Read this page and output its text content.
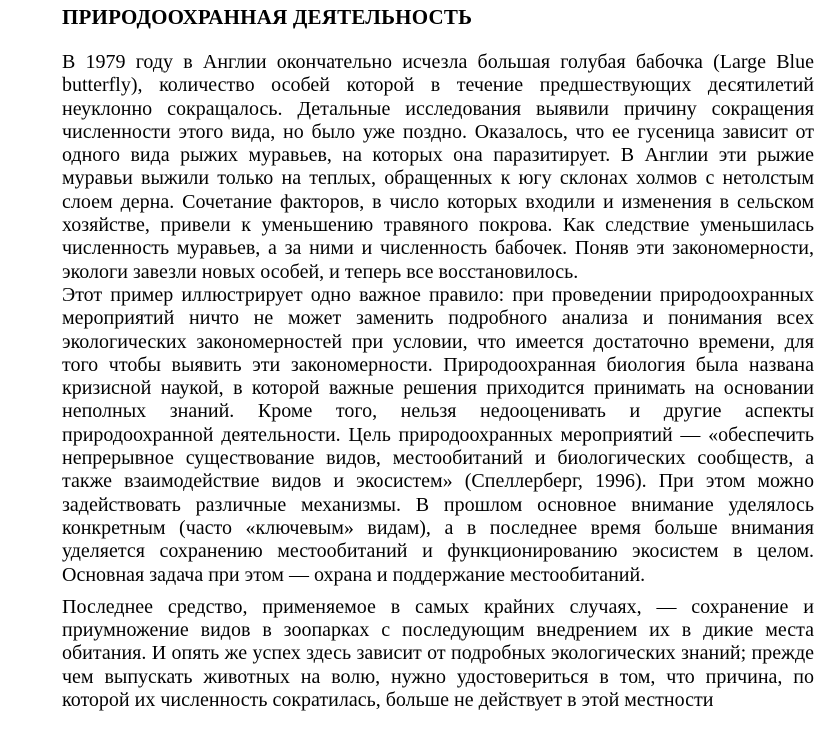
ПРИРОДООХРАННАЯ ДЕЯТЕЛЬНОСТЬ

В 1979 году в Англии окончательно исчезла большая голубая бабочка (Large Blue butterfly), количество особей которой в течение предшествующих десятилетий неуклонно сокращалось. Детальные исследования выявили причину сокращения численности этого вида, но было уже поздно. Оказалось, что ее гусеница зависит от одного вида рыжих муравьев, на которых она паразитирует. В Англии эти рыжие муравьи выжили только на теплых, обращенных к югу склонах холмов с нетолстым слоем дерна. Сочетание факторов, в число которых входили и изменения в сельском хозяйстве, привели к уменьшению травяного покрова. Как следствие уменьшилась численность муравьев, а за ними и численность бабочек. Поняв эти закономерности, экологи завезли новых особей, и теперь все восстановилось.

Этот пример иллюстрирует одно важное правило: при проведении природоохранных мероприятий ничто не может заменить подробного анализа и понимания всех экологических закономерностей при условии, что имеется достаточно времени, для того чтобы выявить эти закономерности. Природоохранная биология была названа кризисной наукой, в которой важные решения приходится принимать на основании неполных знаний. Кроме того, нельзя недооценивать и другие аспекты природоохранной деятельности. Цель природоохранных мероприятий — «обеспечить непрерывное существование видов, местообитаний и биологических сообществ, а также взаимодействие видов и экосистем» (Спеллерберг, 1996). При этом можно задействовать различные механизмы. В прошлом основное внимание уделялось конкретным (часто «ключевым» видам), а в последнее время больше внимания уделяется сохранению местообитаний и функционированию экосистем в целом. Основная задача при этом — охрана и поддержание местообитаний.

Последнее средство, применяемое в самых крайних случаях, — сохранение и приумножение видов в зоопарках с последующим внедрением их в дикие места обитания. И опять же успех здесь зависит от подробных экологических знаний; прежде чем выпускать животных на волю, нужно удостовериться в том, что причина, по которой их численность сократилась, больше не действует в этой местности
